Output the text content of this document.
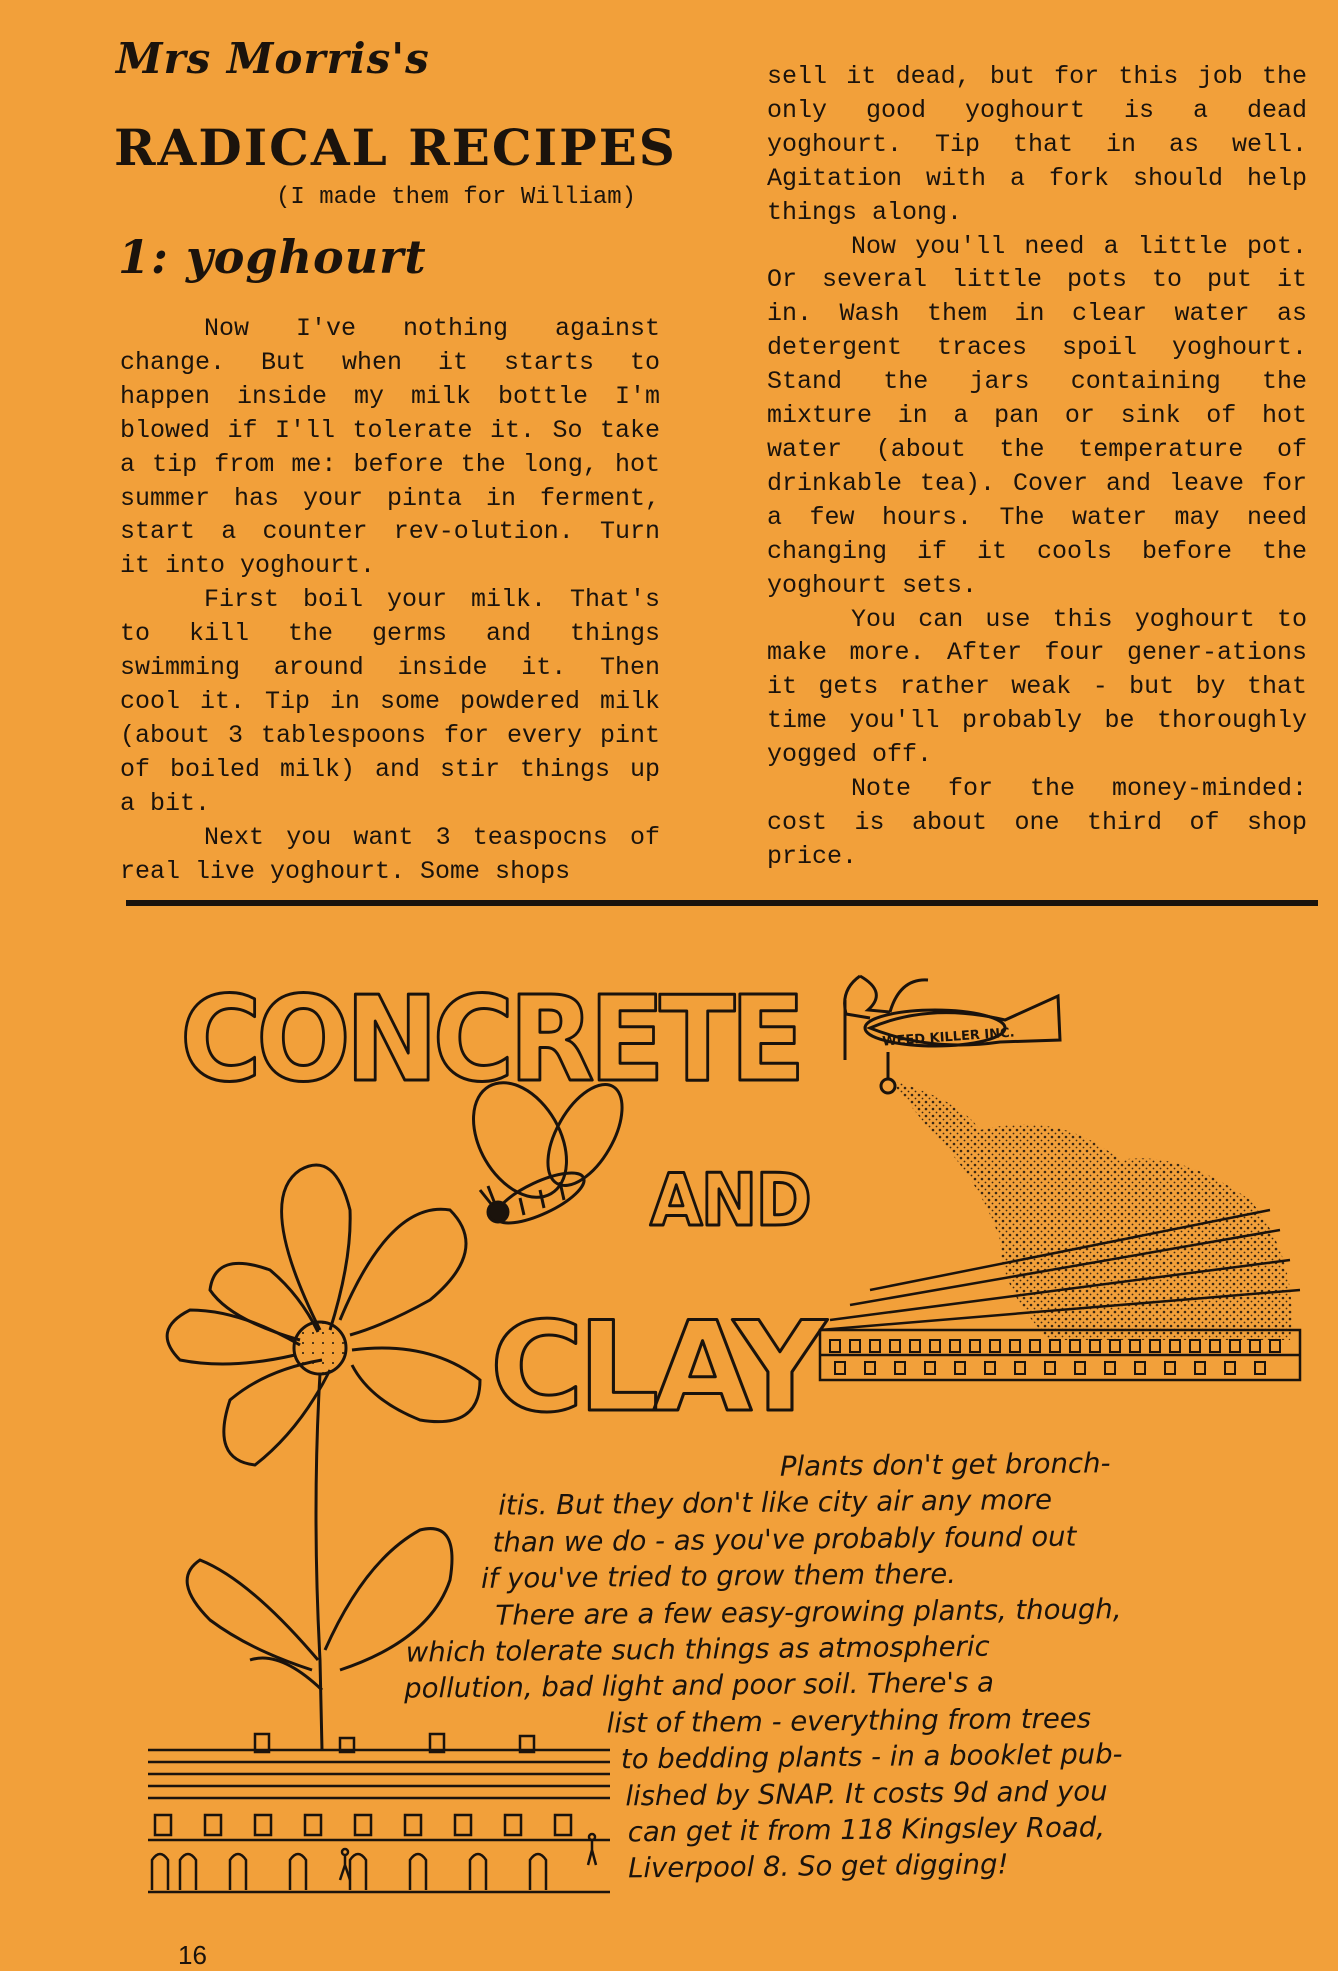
Mrs Morris's
RADICAL RECIPES

(I made them for William)

1: yoghourt

Now I've nothing against change. But when it starts to happen inside my milk bottle I'm blowed if I'll tolerate it. So take a tip from me: before the long, hot summer has your pinta in ferment, start a counter rev-olution. Turn it into yoghourt.

First boil your milk. That's to kill the germs and things swimming around inside it. Then cool it. Tip in some powdered milk (about 3 tablespoons for every pint of boiled milk) and stir things up a bit.

Next you want 3 teaspocns of real live yoghourt. Some shops

sell it dead, but for this job the only good yoghourt is a dead yoghourt. Tip that in as well. Agitation with a fork should help things along.

Now you'll need a little pot. Or several little pots to put it in. Wash them in clear water as detergent traces spoil yoghourt. Stand the jars containing the mixture in a pan or sink of hot water (about the temperature of drinkable tea). Cover and leave for a few hours. The water may need changing if it cools before the yoghourt sets.

You can use this yoghourt to make more. After four gener-ations it gets rather weak - but by that time you'll probably be thoroughly yogged off.

Note for the money-minded: cost is about one third of shop price.

CONCRETE
AND
CLAY
WEED KILLER INC.
Plants don't get bronch-
itis. But they don't like city air any more
than we do - as you've probably found out
if you've tried to grow them there.
There are a few easy-growing plants, though,
which tolerate such things as atmospheric
pollution, bad light and poor soil. There's a
list of them - everything from trees
to bedding plants - in a booklet pub-
lished by SNAP. It costs 9d and you
can get it from 118 Kingsley Road,
Liverpool 8. So get digging!

16
